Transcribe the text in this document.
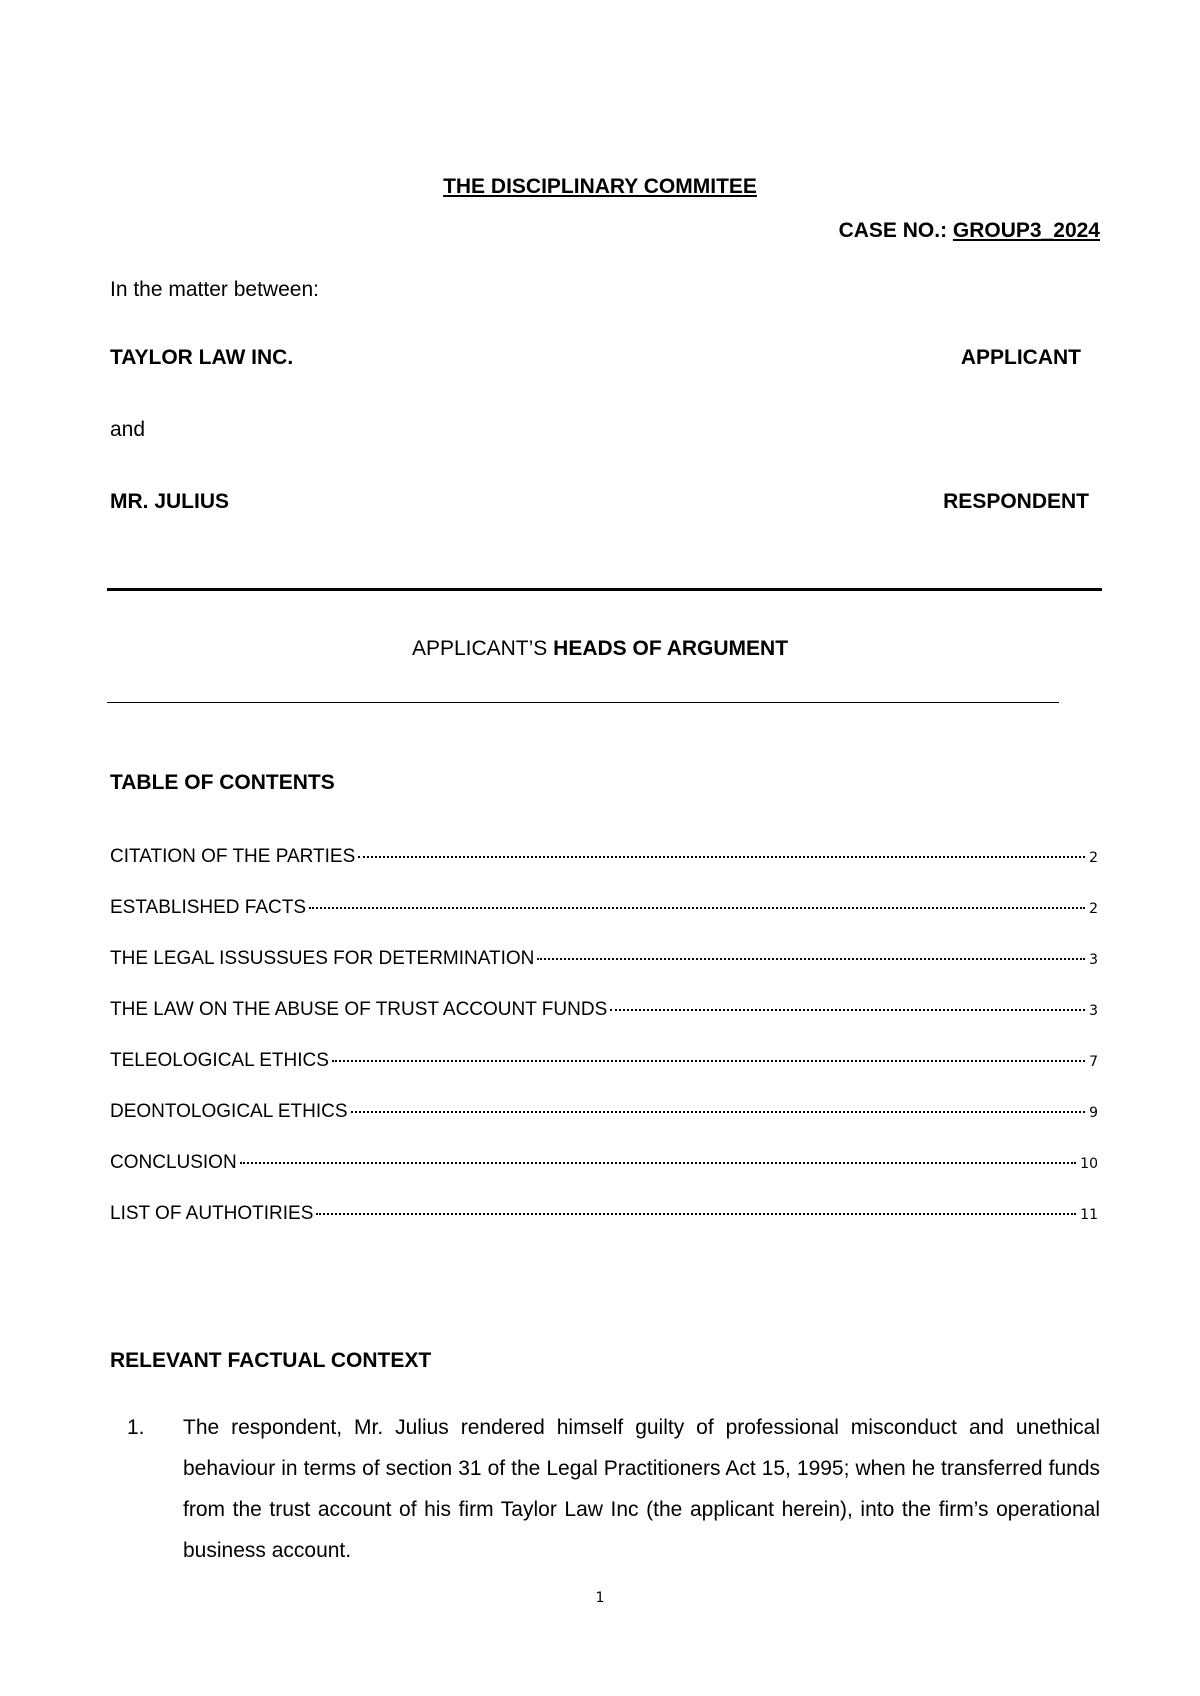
THE DISCIPLINARY COMMITEE
CASE NO.: GROUP3_2024
In the matter between:
TAYLOR LAW INC.	APPLICANT
and
MR. JULIUS	RESPONDENT
APPLICANT’S HEADS OF ARGUMENT
TABLE OF CONTENTS
CITATION OF THE PARTIES	2
ESTABLISHED FACTS	2
THE LEGAL ISSUSSUES FOR DETERMINATION	3
THE LAW ON THE ABUSE OF TRUST ACCOUNT FUNDS	3
TELEOLOGICAL ETHICS	7
DEONTOLOGICAL ETHICS	9
CONCLUSION	10
LIST OF AUTHOTIRIES	11
RELEVANT FACTUAL CONTEXT
1. The respondent, Mr. Julius rendered himself guilty of professional misconduct and unethical behaviour in terms of section 31 of the Legal Practitioners Act 15, 1995; when he transferred funds from the trust account of his firm Taylor Law Inc (the applicant herein), into the firm’s operational business account.
1
